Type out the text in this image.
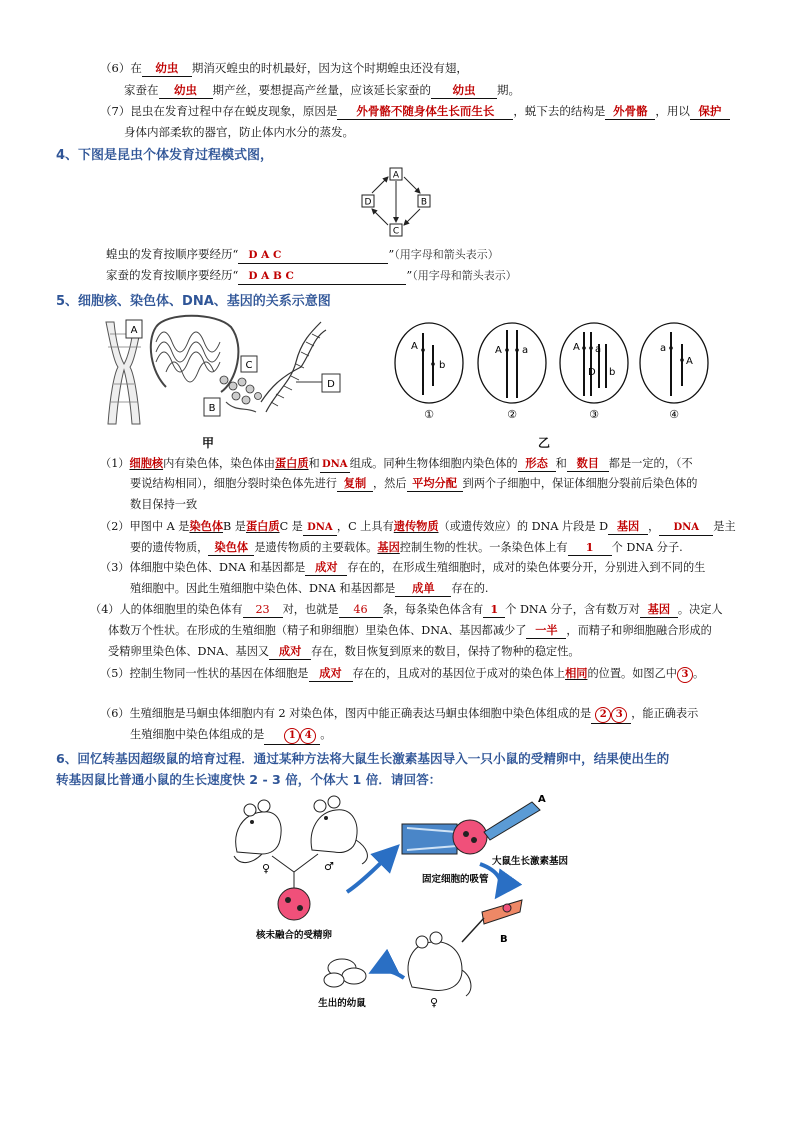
（6）在 幼虫 期消灭蝗虫的时机最好，因为这个时期蝗虫还没有翅，
家蚕在 幼虫 期产丝，要想提高产丝量，应该延长家蚕的 幼虫 期。
（7）昆虫在发育过程中存在蜕皮现象，原因是 外骨骼不随身体生长而生长 ，蜕下去的结构是 外骨骼 ，用以 保护
身体内部柔软的器官，防止体内水分的蒸发。
4、下图是昆虫个体发育过程模式图，
A
B
C
D
蝗虫的发育按顺序要经历“ D A C	”（用字母和箭头表示）
家蚕的发育按顺序要经历“ D A B C	”（用字母和箭头表示）
5、细胞核、染色体、DNA、基因的关系示意图
A
C
B
D
A
b
①
A a
②
A a
D b
③
a
A
④
甲	乙
（1）细胞核内有染色体，染色体由蛋白质和 DNA 组成。同种生物体细胞内染色体的 形态 和 数目 都是一定的，（不
要说结构相同），细胞分裂时染色体先进行 复制 ，然后 平均分配 到两个子细胞中，保证体细胞分裂前后染色体的
数目保持一致
（2）甲图中 A 是染色体B 是蛋白质C 是 DNA ，C 上具有遗传物质（或遗传效应）的 DNA 片段是 D 基因 ， DNA 是主
要的遗传物质， 染色体 是遗传物质的主要载体。基因控制生物的性状。一条染色体上有 1 个 DNA 分子.
（3）体细胞中染色体、DNA 和基因都是 成对 存在的，在形成生殖细胞时，成对的染色体要分开，分别进入到不同的生
殖细胞中。因此生殖细胞中染色体、DNA 和基因都是 成单 存在的.
（4）人的体细胞里的染色体有 23 对，也就是 46 条，每条染色体含有 1 个 DNA 分子，含有数万对 基因 。决定人
体数万个性状。在形成的生殖细胞（精子和卵细胞）里染色体、DNA、基因都减少了 一半 ，而精子和卵细胞融合形成的
受精卵里染色体、DNA、基因又 成对 存在，数目恢复到原来的数目，保持了物种的稳定性。
（5）控制生物同一性状的基因在体细胞是 成对 存在的，且成对的基因位于成对的染色体上相同的位置。如图乙中 3 。
（6）生殖细胞是马蛔虫体细胞内有 2 对染色体，图丙中能正确表达马蛔虫体细胞中染色体组成的是 2 3 ，能正确表示
生殖细胞中染色体组成的是 1 4 。
6、回忆转基因超级鼠的培育过程．通过某种方法将大鼠生长激素基因导入一只小鼠的受精卵中，结果使出生的
转基因鼠比普通小鼠的生长速度快 2 - 3 倍，个体大 1 倍．请回答：
♀	♂
核未融合的受精卵
A
大鼠生长激素基因
固定细胞的吸管
B
♀
生出的幼鼠
